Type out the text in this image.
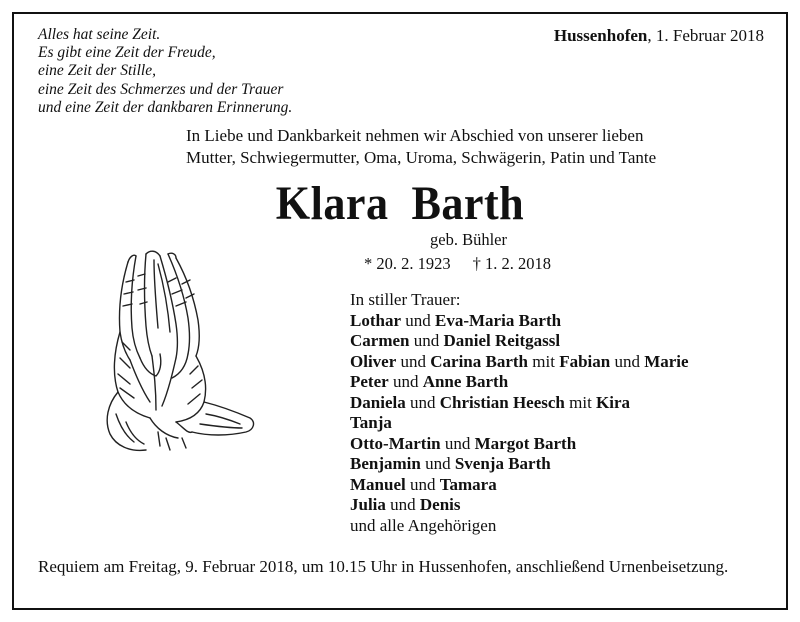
Alles hat seine Zeit.
Es gibt eine Zeit der Freude,
eine Zeit der Stille,
eine Zeit des Schmerzes und der Trauer
und eine Zeit der dankbaren Erinnerung.
Hussenhofen, 1. Februar 2018
In Liebe und Dankbarkeit nehmen wir Abschied von unserer lieben
Mutter, Schwiegermutter, Oma, Uroma, Schwägerin, Patin und Tante
Klara  Barth
geb. Bühler
* 20. 2. 1923 † 1. 2. 2018
In stiller Trauer:
Lothar und Eva-Maria Barth
Carmen und Daniel Reitgassl
Oliver und Carina Barth mit Fabian und Marie
Peter und Anne Barth
Daniela und Christian Heesch mit Kira
Tanja
Otto-Martin und Margot Barth
Benjamin und Svenja Barth
Manuel und Tamara
Julia und Denis
und alle Angehörigen
Requiem am Freitag, 9. Februar 2018, um 10.15 Uhr in Hussenhofen, anschließend Urnenbeisetzung.
